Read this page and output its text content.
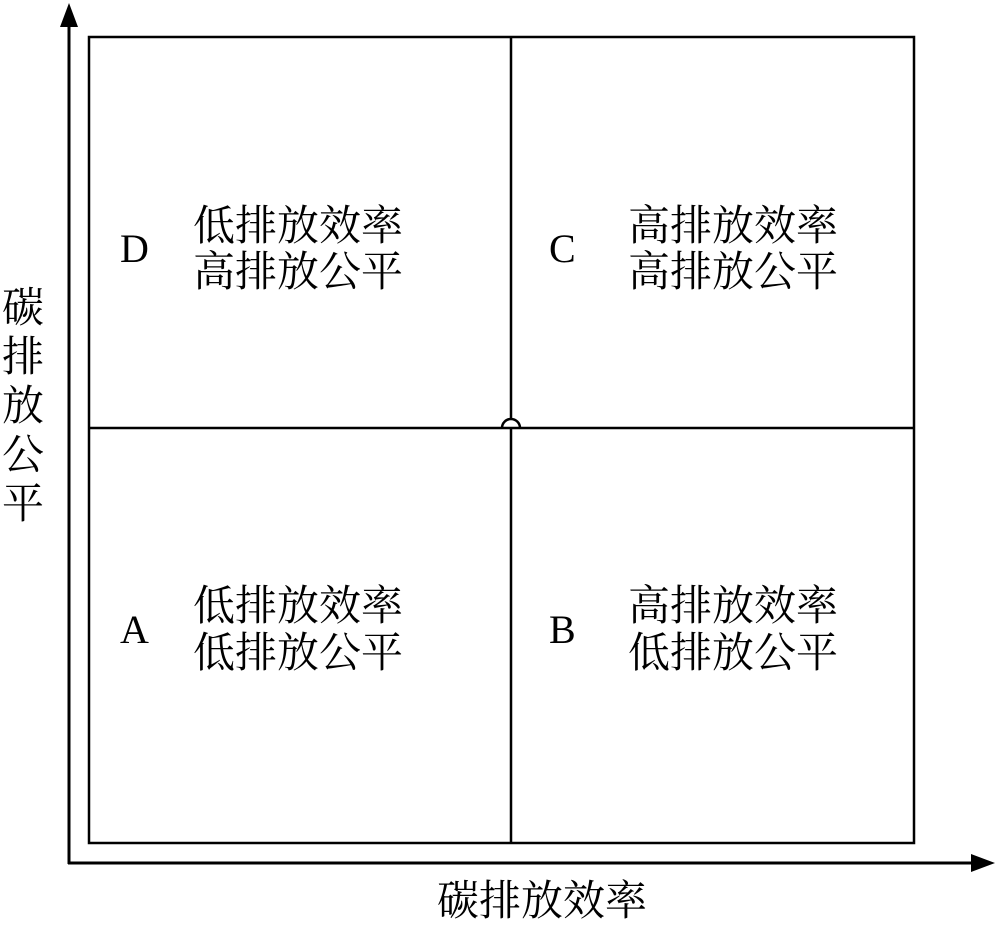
D 低排放效率
高排放公平	C 高排放效率
高排放公平
A 低排放效率
低排放公平	B 高排放效率
低排放公平
碳排放效率
碳
排
放
公
平
